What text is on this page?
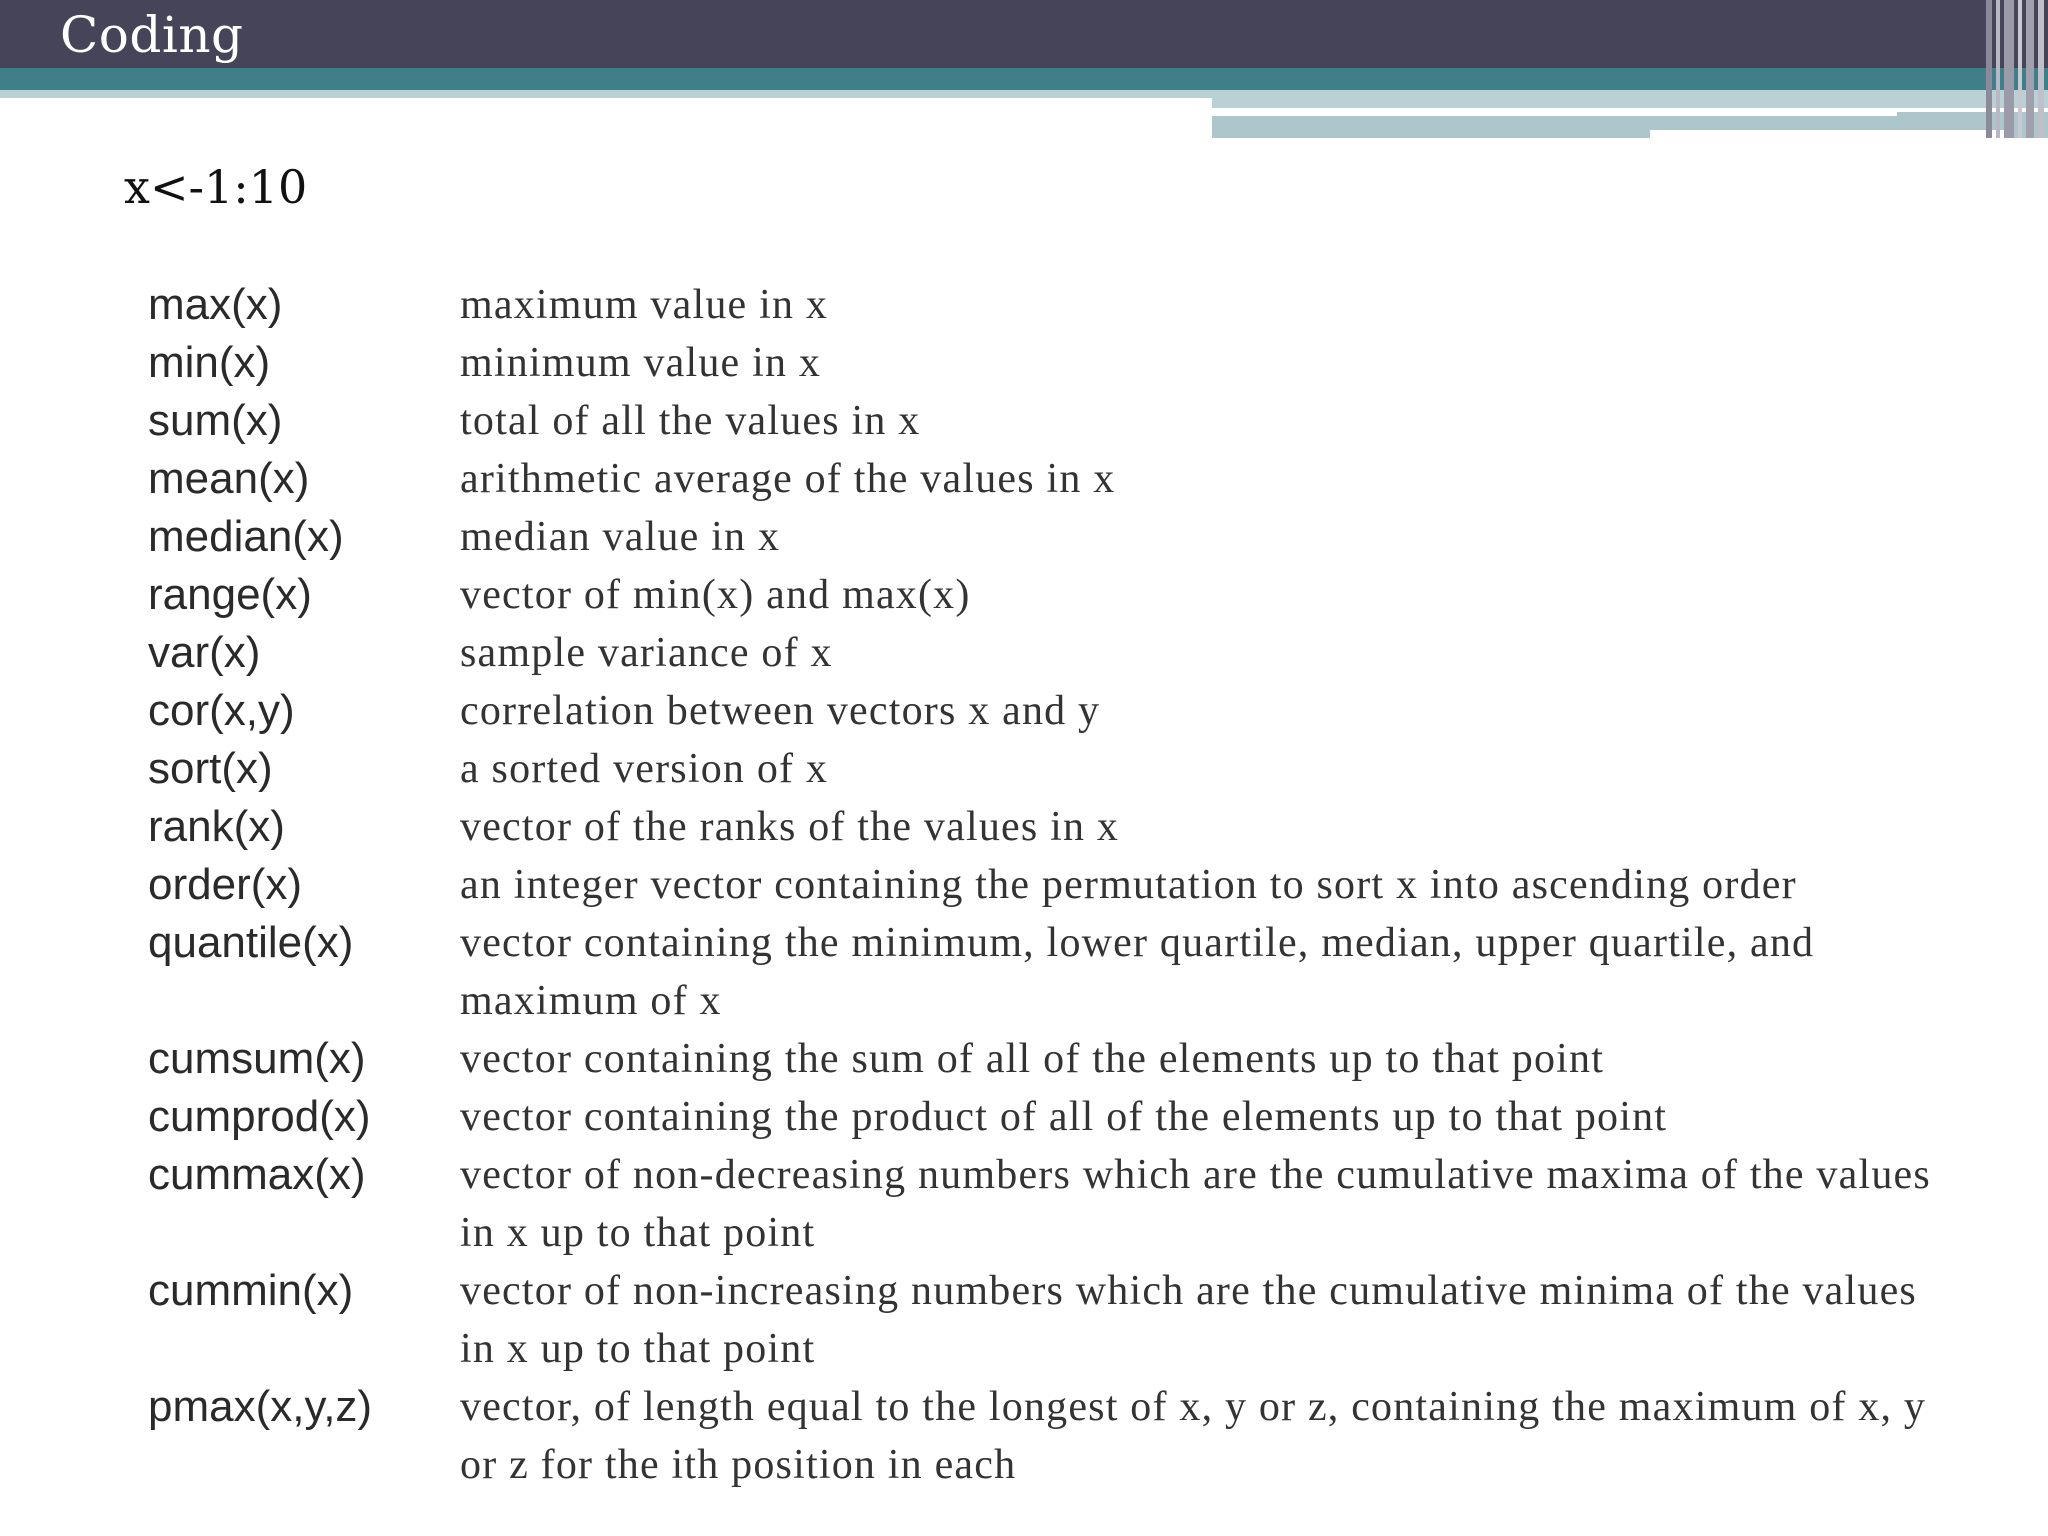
Coding
x<-1:10
max(x)	maximum value in x
min(x)	minimum value in x
sum(x)	total of all the values in x
mean(x)	arithmetic average of the values in x
median(x)	median value in x
range(x)	vector of min(x) and max(x)
var(x)	sample variance of x
cor(x,y)	correlation between vectors x and y
sort(x)	a sorted version of x
rank(x)	vector of the ranks of the values in x
order(x)	an integer vector containing the permutation to sort x into ascending order
quantile(x)	vector containing the minimum, lower quartile, median, upper quartile, and maximum of x
cumsum(x)	vector containing the sum of all of the elements up to that point
cumprod(x)	vector containing the product of all of the elements up to that point
cummax(x)	vector of non-decreasing numbers which are the cumulative maxima of the values in x up to that point
cummin(x)	vector of non-increasing numbers which are the cumulative minima of the values in x up to that point
pmax(x,y,z)	vector, of length equal to the longest of x, y or z, containing the maximum of x, y or z for the ith position in each
